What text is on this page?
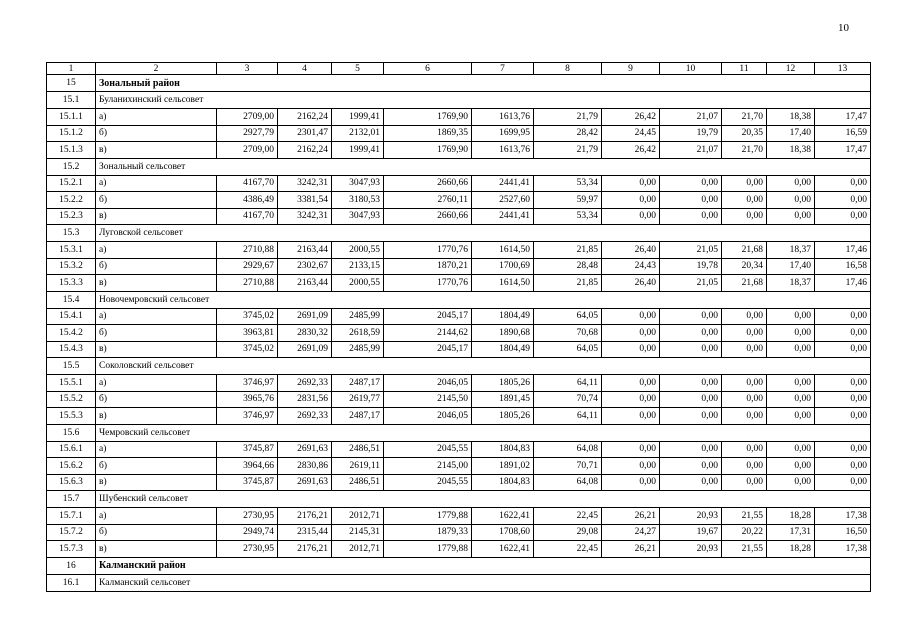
10
1	2	3	4	5	6	7	8	9	10	11	12	13
15	Зональный район											
15.1	Буланихинский сельсовет											
15.1.1	а)	2709,00	2162,24	1999,41	1769,90	1613,76	21,79	26,42	21,07	21,70	18,38	17,47
15.1.2	б)	2927,79	2301,47	2132,01	1869,35	1699,95	28,42	24,45	19,79	20,35	17,40	16,59
15.1.3	в)	2709,00	2162,24	1999,41	1769,90	1613,76	21,79	26,42	21,07	21,70	18,38	17,47
15.2	Зональный сельсовет											
15.2.1	а)	4167,70	3242,31	3047,93	2660,66	2441,41	53,34	0,00	0,00	0,00	0,00	0,00
15.2.2	б)	4386,49	3381,54	3180,53	2760,11	2527,60	59,97	0,00	0,00	0,00	0,00	0,00
15.2.3	в)	4167,70	3242,31	3047,93	2660,66	2441,41	53,34	0,00	0,00	0,00	0,00	0,00
15.3	Луговской сельсовет											
15.3.1	а)	2710,88	2163,44	2000,55	1770,76	1614,50	21,85	26,40	21,05	21,68	18,37	17,46
15.3.2	б)	2929,67	2302,67	2133,15	1870,21	1700,69	28,48	24,43	19,78	20,34	17,40	16,58
15.3.3	в)	2710,88	2163,44	2000,55	1770,76	1614,50	21,85	26,40	21,05	21,68	18,37	17,46
15.4	Новочемровский сельсовет											
15.4.1	а)	3745,02	2691,09	2485,99	2045,17	1804,49	64,05	0,00	0,00	0,00	0,00	0,00
15.4.2	б)	3963,81	2830,32	2618,59	2144,62	1890,68	70,68	0,00	0,00	0,00	0,00	0,00
15.4.3	в)	3745,02	2691,09	2485,99	2045,17	1804,49	64,05	0,00	0,00	0,00	0,00	0,00
15.5	Соколовский сельсовет											
15.5.1	а)	3746,97	2692,33	2487,17	2046,05	1805,26	64,11	0,00	0,00	0,00	0,00	0,00
15.5.2	б)	3965,76	2831,56	2619,77	2145,50	1891,45	70,74	0,00	0,00	0,00	0,00	0,00
15.5.3	в)	3746,97	2692,33	2487,17	2046,05	1805,26	64,11	0,00	0,00	0,00	0,00	0,00
15.6	Чемровский сельсовет											
15.6.1	а)	3745,87	2691,63	2486,51	2045,55	1804,83	64,08	0,00	0,00	0,00	0,00	0,00
15.6.2	б)	3964,66	2830,86	2619,11	2145,00	1891,02	70,71	0,00	0,00	0,00	0,00	0,00
15.6.3	в)	3745,87	2691,63	2486,51	2045,55	1804,83	64,08	0,00	0,00	0,00	0,00	0,00
15.7	Шубенский сельсовет											
15.7.1	а)	2730,95	2176,21	2012,71	1779,88	1622,41	22,45	26,21	20,93	21,55	18,28	17,38
15.7.2	б)	2949,74	2315,44	2145,31	1879,33	1708,60	29,08	24,27	19,67	20,22	17,31	16,50
15.7.3	в)	2730,95	2176,21	2012,71	1779,88	1622,41	22,45	26,21	20,93	21,55	18,28	17,38
16	Калманский район											
16.1	Калманский сельсовет											
